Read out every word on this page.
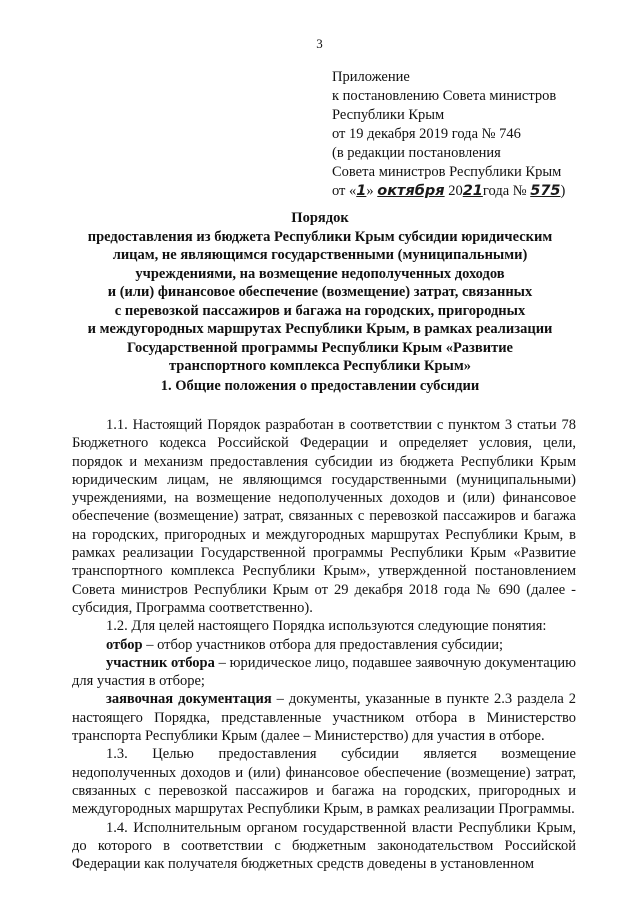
3
Приложение
к постановлению Совета министров
Республики Крым
от 19 декабря 2019 года № 746
(в редакции постановления
Совета министров Республики Крым
от «1» октября 2021года № 575)
Порядок
предоставления из бюджета Республики Крым субсидии юридическим
лицам, не являющимся государственными (муниципальными)
учреждениями, на возмещение недополученных доходов
и (или) финансовое обеспечение (возмещение) затрат, связанных
с перевозкой пассажиров и багажа на городских, пригородных
и междугородных маршрутах Республики Крым, в рамках реализации
Государственной программы Республики Крым «Развитие
транспортного комплекса Республики Крым»
1. Общие положения о предоставлении субсидии

1.1. Настоящий Порядок разработан в соответствии с пунктом 3 статьи 78 Бюджетного кодекса Российской Федерации и определяет условия, цели, порядок и механизм предоставления субсидии из бюджета Республики Крым юридическим лицам, не являющимся государственными (муниципальными) учреждениями, на возмещение недополученных доходов и (или) финансовое обеспечение (возмещение) затрат, связанных с перевозкой пассажиров и багажа на городских, пригородных и междугородных маршрутах Республики Крым, в рамках реализации Государственной программы Республики Крым «Развитие транспортного комплекса Республики Крым», утвержденной постановлением Совета министров Республики Крым от 29 декабря 2018 года № 690 (далее - субсидия, Программа соответственно).

1.2. Для целей настоящего Порядка используются следующие понятия:

отбор – отбор участников отбора для предоставления субсидии;

участник отбора – юридическое лицо, подавшее заявочную документацию для участия в отборе;

заявочная документация – документы, указанные в пункте 2.3 раздела 2 настоящего Порядка, представленные участником отбора в Министерство транспорта Республики Крым (далее – Министерство) для участия в отборе.

1.3. Целью предоставления субсидии является возмещение недополученных доходов и (или) финансовое обеспечение (возмещение) затрат, связанных с перевозкой пассажиров и багажа на городских, пригородных и междугородных маршрутах Республики Крым, в рамках реализации Программы.

1.4. Исполнительным органом государственной власти Республики Крым, до которого в соответствии с бюджетным законодательством Российской Федерации как получателя бюджетных средств доведены в установленном
